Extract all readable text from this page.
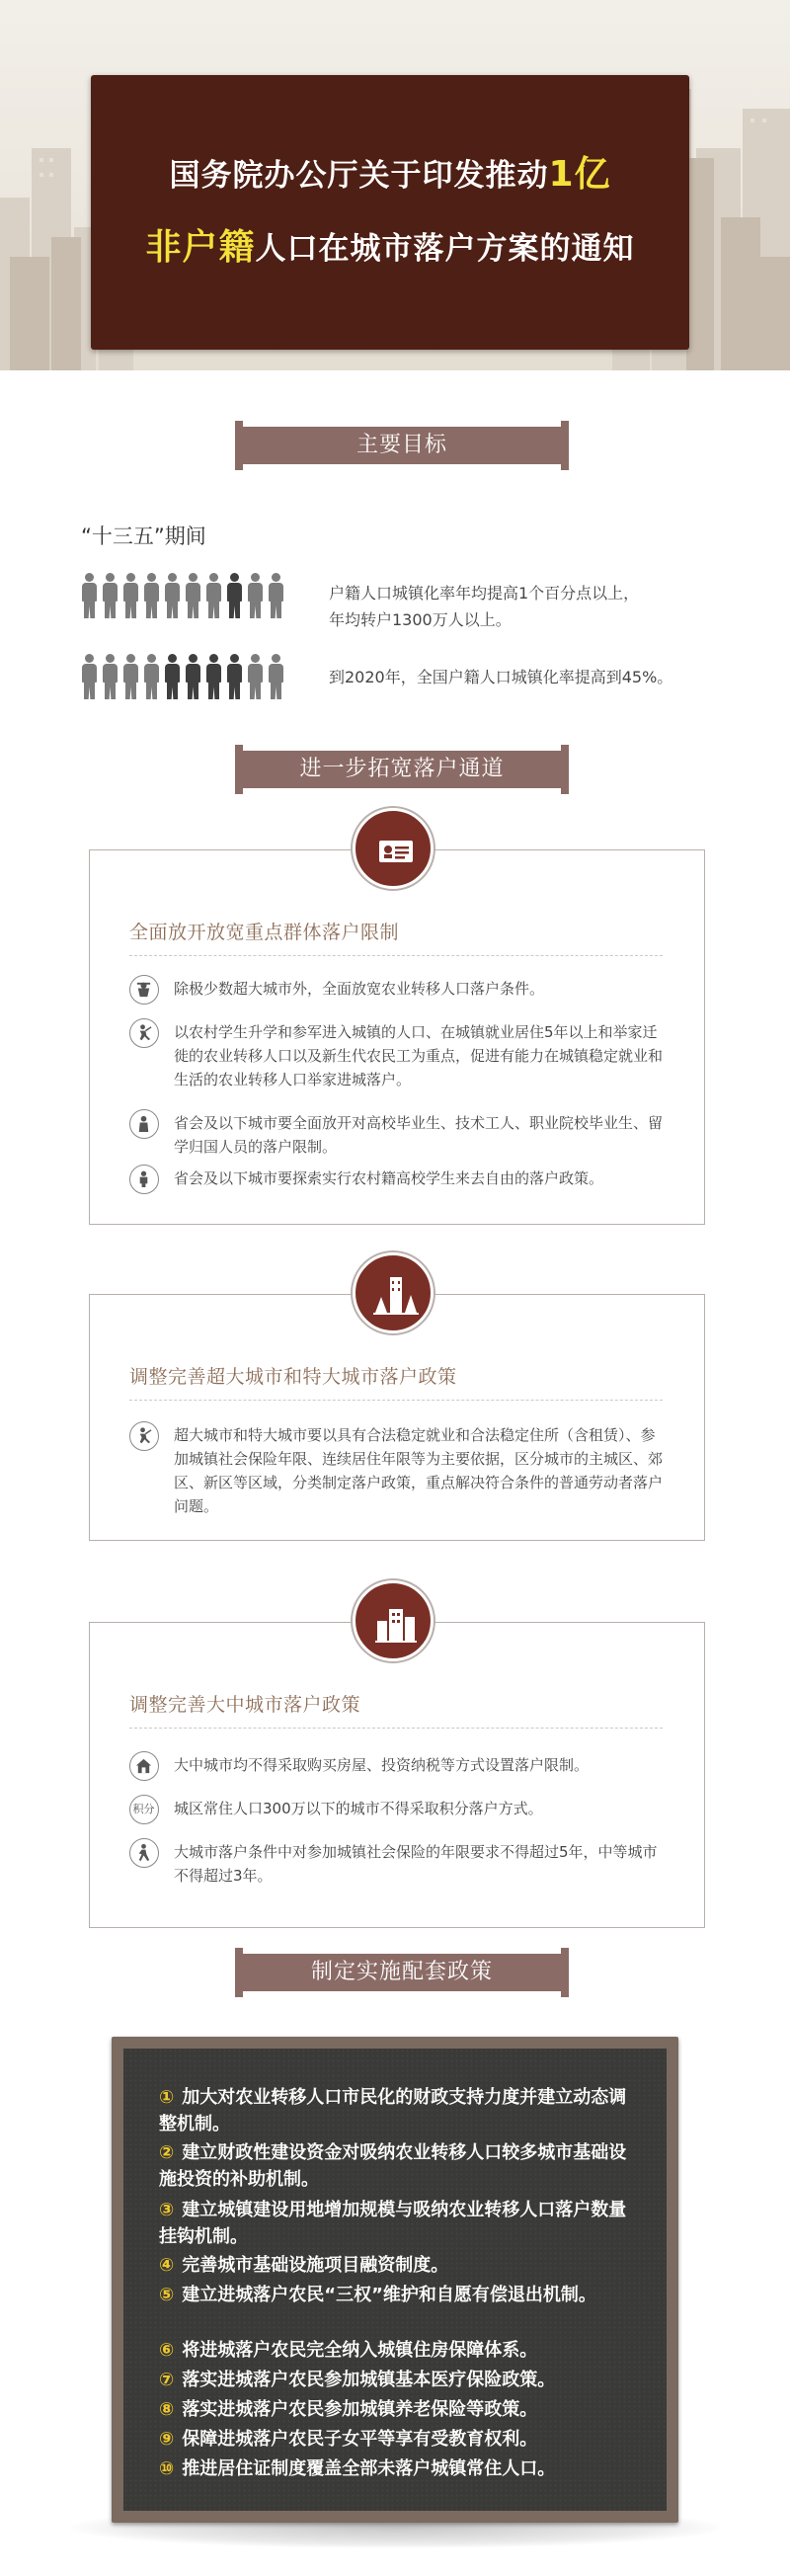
国务院办公厅关于印发推动1亿
非户籍人口在城市落户方案的通知
主要目标
“十三五”期间
户籍人口城镇化率年均提高1个百分点以上，
年均转户1300万人以上。
到2020年，全国户籍人口城镇化率提高到45%。
进一步拓宽落户通道
全面放开放宽重点群体落户限制
除极少数超大城市外，全面放宽农业转移人口落户条件。
以农村学生升学和参军进入城镇的人口、在城镇就业居住5年以上和举家迁徙的农业转移人口以及新生代农民工为重点，促进有能力在城镇稳定就业和生活的农业转移人口举家进城落户。
省会及以下城市要全面放开对高校毕业生、技术工人、职业院校毕业生、留学归国人员的落户限制。
省会及以下城市要探索实行农村籍高校学生来去自由的落户政策。
调整完善超大城市和特大城市落户政策
超大城市和特大城市要以具有合法稳定就业和合法稳定住所（含租赁）、参加城镇社会保险年限、连续居住年限等为主要依据，区分城市的主城区、郊区、新区等区域，分类制定落户政策，重点解决符合条件的普通劳动者落户问题。
调整完善大中城市落户政策
大中城市均不得采取购买房屋、投资纳税等方式设置落户限制。
积分 城区常住人口300万以下的城市不得采取积分落户方式。
大城市落户条件中对参加城镇社会保险的年限要求不得超过5年，中等城市不得超过3年。
制定实施配套政策
① 加大对农业转移人口市民化的财政支持力度并建立动态调整机制。
② 建立财政性建设资金对吸纳农业转移人口较多城市基础设施投资的补助机制。
③ 建立城镇建设用地增加规模与吸纳农业转移人口落户数量挂钩机制。
④ 完善城市基础设施项目融资制度。
⑤ 建立进城落户农民“三权”维护和自愿有偿退出机制。
⑥ 将进城落户农民完全纳入城镇住房保障体系。
⑦ 落实进城落户农民参加城镇基本医疗保险政策。
⑧ 落实进城落户农民参加城镇养老保险等政策。
⑨ 保障进城落户农民子女平等享有受教育权利。
⑩ 推进居住证制度覆盖全部未落户城镇常住人口。
